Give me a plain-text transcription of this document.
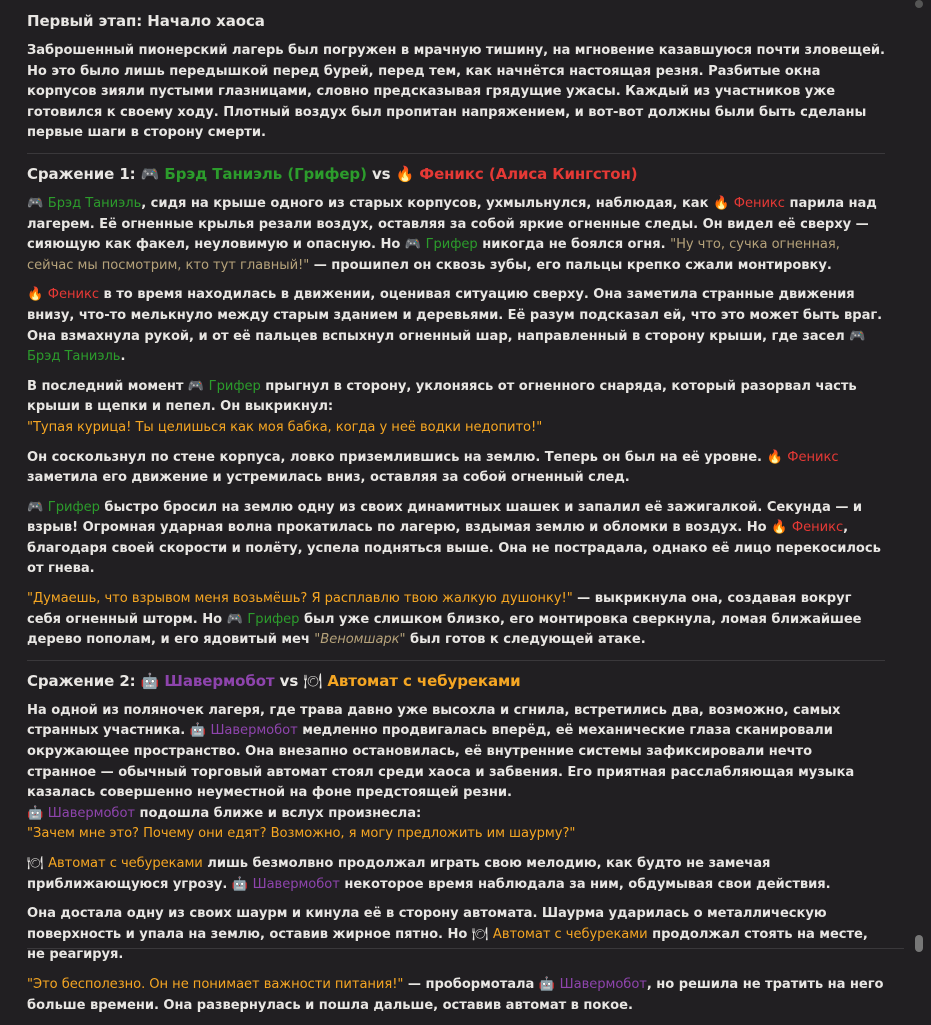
Первый этап: Начало хаоса

Заброшенный пионерский лагерь был погружен в мрачную тишину, на мгновение казавшуюся почти зловещей. Но это было лишь передышкой перед бурей, перед тем, как начнётся настоящая резня. Разбитые окна корпусов зияли пустыми глазницами, словно предсказывая грядущие ужасы. Каждый из участников уже готовился к своему ходу. Плотный воздух был пропитан напряжением, и вот-вот должны были быть сделаны первые шаги в сторону смерти.

Сражение 1: 🎮 Брэд Таниэль (Грифер) vs 🔥 Феникс (Алиса Кингстон)

🎮 Брэд Таниэль, сидя на крыше одного из старых корпусов, ухмыльнулся, наблюдая, как 🔥 Феникс парила над лагерем. Её огненные крылья резали воздух, оставляя за собой яркие огненные следы. Он видел её сверху — сияющую как факел, неуловимую и опасную. Но 🎮 Грифер никогда не боялся огня. "Ну что, сучка огненная, сейчас мы посмотрим, кто тут главный!" — прошипел он сквозь зубы, его пальцы крепко сжали монтировку.

🔥 Феникс в то время находилась в движении, оценивая ситуацию сверху. Она заметила странные движения внизу, что-то мелькнуло между старым зданием и деревьями. Её разум подсказал ей, что это может быть враг. Она взмахнула рукой, и от её пальцев вспыхнул огненный шар, направленный в сторону крыши, где засел 🎮 Брэд Таниэль.

В последний момент 🎮 Грифер прыгнул в сторону, уклоняясь от огненного снаряда, который разорвал часть крыши в щепки и пепел. Он выкрикнул:
"Тупая курица! Ты целишься как моя бабка, когда у неё водки недопито!"

Он соскользнул по стене корпуса, ловко приземлившись на землю. Теперь он был на её уровне. 🔥 Феникс заметила его движение и устремилась вниз, оставляя за собой огненный след.

🎮 Грифер быстро бросил на землю одну из своих динамитных шашек и запалил её зажигалкой. Секунда — и взрыв! Огромная ударная волна прокатилась по лагерю, вздымая землю и обломки в воздух. Но 🔥 Феникс, благодаря своей скорости и полёту, успела подняться выше. Она не пострадала, однако её лицо перекосилось от гнева.

"Думаешь, что взрывом меня возьмёшь? Я расплавлю твою жалкую душонку!" — выкрикнула она, создавая вокруг себя огненный шторм. Но 🎮 Грифер был уже слишком близко, его монтировка сверкнула, ломая ближайшее дерево пополам, и его ядовитый меч "Веномшарк" был готов к следующей атаке.

Сражение 2: 🤖 Шавермобот vs 🍽 Автомат с чебуреками

На одной из поляночек лагеря, где трава давно уже высохла и сгнила, встретились два, возможно, самых странных участника. 🤖 Шавермобот медленно продвигалась вперёд, её механические глаза сканировали окружающее пространство. Она внезапно остановилась, её внутренние системы зафиксировали нечто странное — обычный торговый автомат стоял среди хаоса и забвения. Его приятная расслабляющая музыка казалась совершенно неуместной на фоне предстоящей резни.
🤖 Шавермобот подошла ближе и вслух произнесла:
"Зачем мне это? Почему они едят? Возможно, я могу предложить им шаурму?"

🍽 Автомат с чебуреками лишь безмолвно продолжал играть свою мелодию, как будто не замечая приближающуюся угрозу. 🤖 Шавермобот некоторое время наблюдала за ним, обдумывая свои действия.

Она достала одну из своих шаурм и кинула её в сторону автомата. Шаурма ударилась о металлическую поверхность и упала на землю, оставив жирное пятно. Но 🍽 Автомат с чебуреками продолжал стоять на месте, не реагируя.

"Это бесполезно. Он не понимает важности питания!" — пробормотала 🤖 Шавермобот, но решила не тратить на него больше времени. Она развернулась и пошла дальше, оставив автомат в покое.
